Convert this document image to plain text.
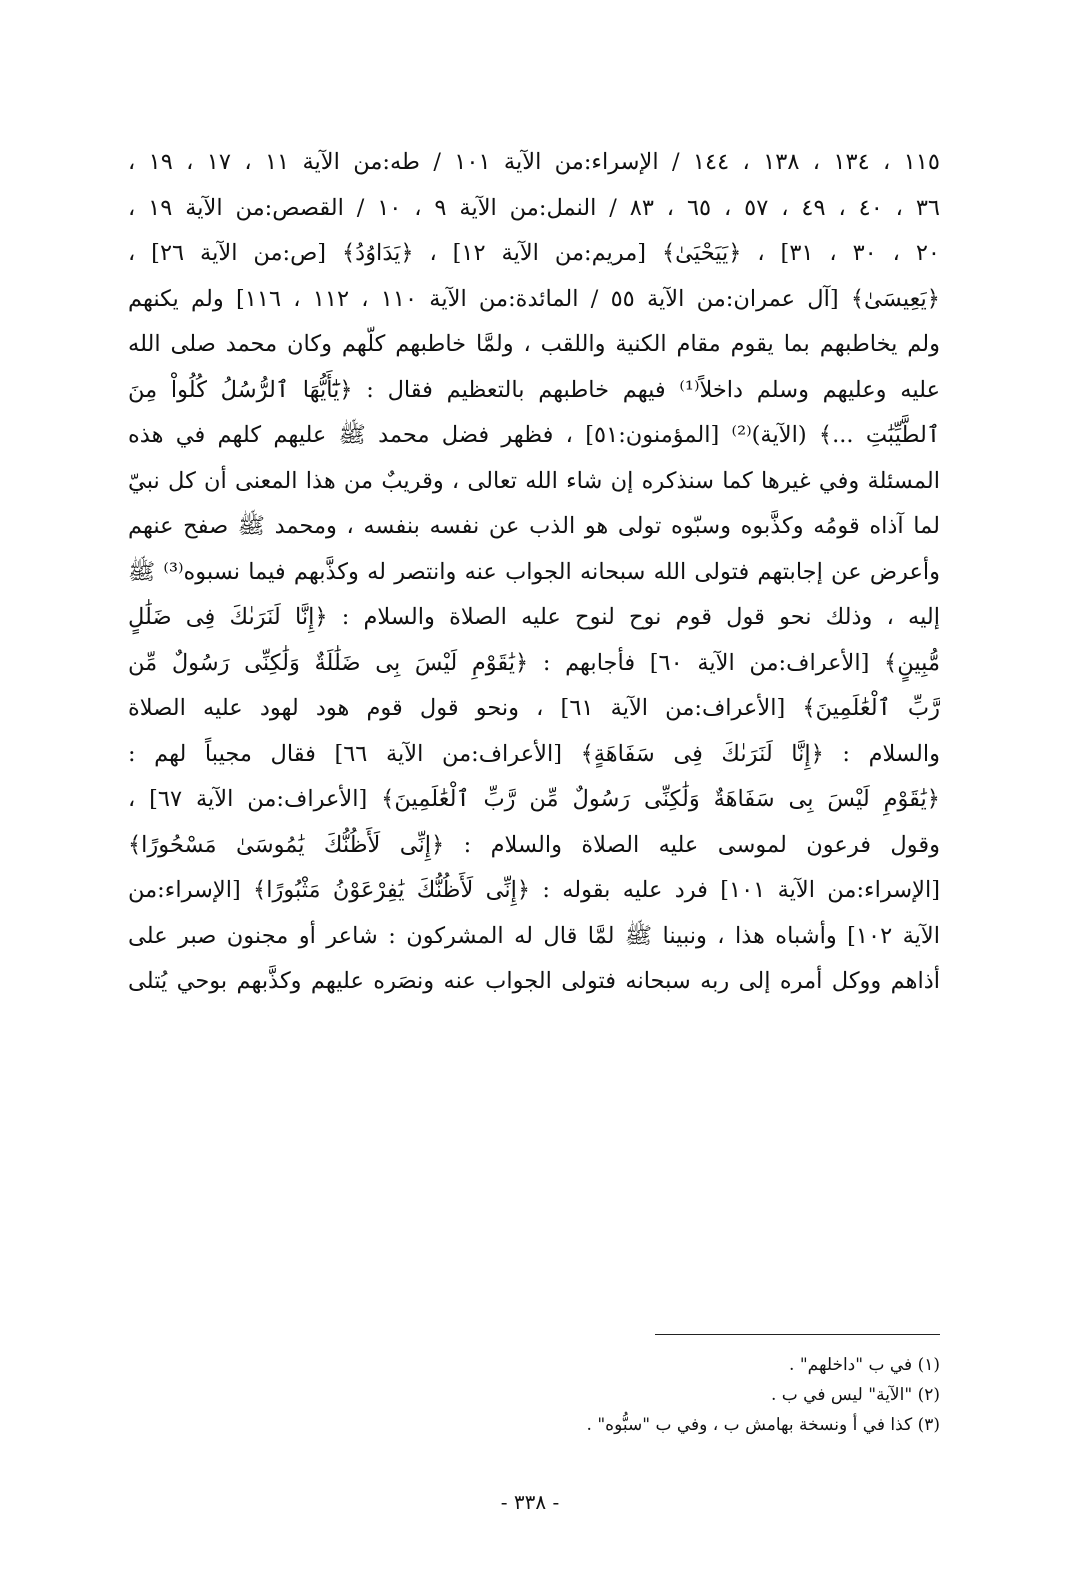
١١٥ ، ١٣٤ ، ١٣٨ ، ١٤٤ / الإسراء:من الآية ١٠١ / طه:من الآية ١١ ، ١٧ ، ١٩ ،
٣٦ ، ٤٠ ، ٤٩ ، ٥٧ ، ٦٥ ، ٨٣ / النمل:من الآية ٩ ، ١٠ / القصص:من الآية ١٩ ،
٢٠ ، ٣٠ ، ٣١] ، ﴿يَيَحْيَىٰ﴾ [مريم:من الآية ١٢] ، ﴿يَدَاوُدُ﴾ [ص:من الآية ٢٦] ،
﴿يَعِيسَىٰ﴾ [آل عمران:من الآية ٥٥ / المائدة:من الآية ١١٠ ، ١١٢ ، ١١٦] ولم يكنهم
ولم يخاطبهم بما يقوم مقام الكنية واللقب ، ولمَّا خاطبهم كلّهم وكان محمد صلى الله
عليه وعليهم وسلم داخلاً⁽¹⁾ فيهم خاطبهم بالتعظيم فقال : ﴿يَٰٓأَيُّهَا ٱلرُّسُلُ كُلُواْ مِنَ
ٱلطَّيِّبَٰتِ ...﴾ (الآية)⁽²⁾ [المؤمنون:٥١] ، فظهر فضل محمد ﷺ عليهم كلهم في هذه
المسئلة وفي غيرها كما سنذكره إن شاء الله تعالى ، وقريبٌ من هذا المعنى أن كل نبيّ
لما آذاه قومُه وكذَّبوه وسبّوه تولى هو الذب عن نفسه بنفسه ، ومحمد ﷺ صفح عنهم
وأعرض عن إجابتهم فتولى الله سبحانه الجواب عنه وانتصر له وكذَّبهم فيما نسبوه⁽³⁾ ﷺ
إليه ، وذلك نحو قول قوم نوح لنوح عليه الصلاة والسلام : ﴿إِنَّا لَنَرَىٰكَ فِى ضَلَٰلٍ
مُّبِينٍ﴾ [الأعراف:من الآية ٦٠] فأجابهم : ﴿يَٰقَوْمِ لَيْسَ بِى ضَلَٰلَةٌ وَلَٰكِنِّى رَسُولٌ مِّن
رَّبِّ ٱلْعَٰلَمِينَ﴾ [الأعراف:من الآية ٦١] ، ونحو قول قوم هود لهود عليه الصلاة
والسلام : ﴿إِنَّا لَنَرَىٰكَ فِى سَفَاهَةٍ﴾ [الأعراف:من الآية ٦٦] فقال مجيباً لهم :
﴿يَٰقَوْمِ لَيْسَ بِى سَفَاهَةٌ وَلَٰكِنِّى رَسُولٌ مِّن رَّبِّ ٱلْعَٰلَمِينَ﴾ [الأعراف:من الآية ٦٧] ،
وقول فرعون لموسى عليه الصلاة والسلام : ﴿إِنِّى لَأَظُنُّكَ يَٰمُوسَىٰ مَسْحُورًا﴾
[الإسراء:من الآية ١٠١] فرد عليه بقوله : ﴿إِنِّى لَأَظُنُّكَ يَٰفِرْعَوْنُ مَثْبُورًا﴾ [الإسراء:من
الآية ١٠٢] وأشباه هذا ، ونبينا ﷺ لمَّا قال له المشركون : شاعر أو مجنون صبر على
أذاهم ووكل أمره إلى ربه سبحانه فتولى الجواب عنه ونصَره عليهم وكذَّبهم بوحي يُتلى
(١) في ب "داخلهم" .
(٢) "الآية" ليس في ب .
(٣) كذا في أ ونسخة بهامش ب ، وفي ب "سبُّوه" .
- ٣٣٨ -
